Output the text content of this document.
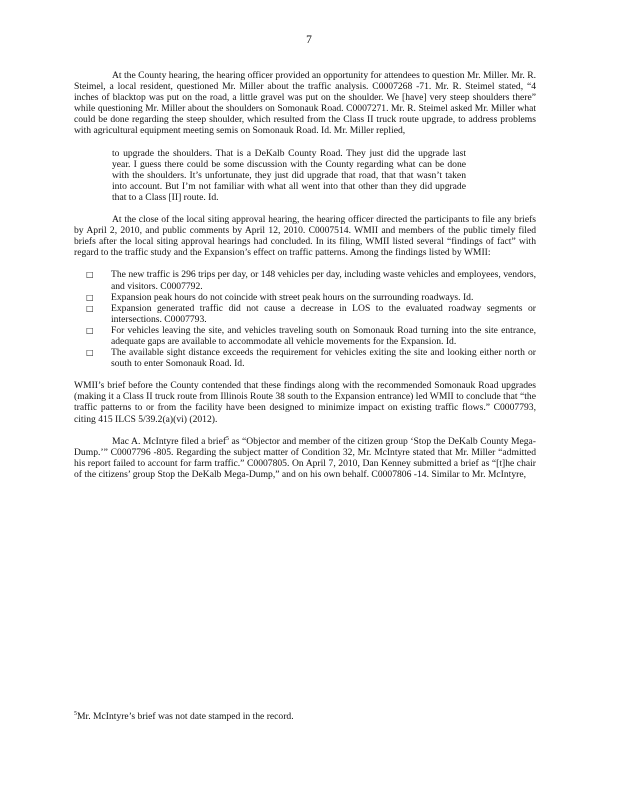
7

At the County hearing, the hearing officer provided an opportunity for attendees to question Mr. Miller. Mr. R. Steimel, a local resident, questioned Mr. Miller about the traffic analysis. C0007268 -71. Mr. R. Steimel stated, “4 inches of blacktop was put on the road, a little gravel was put on the shoulder. We [have] very steep shoulders there” while questioning Mr. Miller about the shoulders on Somonauk Road. C0007271. Mr. R. Steimel asked Mr. Miller what could be done regarding the steep shoulder, which resulted from the Class II truck route upgrade, to address problems with agricultural equipment meeting semis on Somonauk Road. Id. Mr. Miller replied,

to upgrade the shoulders. That is a DeKalb County Road. They just did the upgrade last year. I guess there could be some discussion with the County regarding what can be done with the shoulders. It’s unfortunate, they just did upgrade that road, that that wasn’t taken into account. But I’m not familiar with what all went into that other than they did upgrade that to a Class [II] route. Id.

At the close of the local siting approval hearing, the hearing officer directed the participants to file any briefs by April 2, 2010, and public comments by April 12, 2010. C0007514. WMII and members of the public timely filed briefs after the local siting approval hearings had concluded. In its filing, WMII listed several “findings of fact” with regard to the traffic study and the Expansion’s effect on traffic patterns. Among the findings listed by WMII:

□ The new traffic is 296 trips per day, or 148 vehicles per day, including waste vehicles and employees, vendors, and visitors. C0007792.
□ Expansion peak hours do not coincide with street peak hours on the surrounding roadways. Id.
□ Expansion generated traffic did not cause a decrease in LOS to the evaluated roadway segments or intersections. C0007793.
□ For vehicles leaving the site, and vehicles traveling south on Somonauk Road turning into the site entrance, adequate gaps are available to accommodate all vehicle movements for the Expansion. Id.
□ The available sight distance exceeds the requirement for vehicles exiting the site and looking either north or south to enter Somonauk Road. Id.

WMII’s brief before the County contended that these findings along with the recommended Somonauk Road upgrades (making it a Class II truck route from Illinois Route 38 south to the Expansion entrance) led WMII to conclude that “the traffic patterns to or from the facility have been designed to minimize impact on existing traffic flows.” C0007793, citing 415 ILCS 5/39.2(a)(vi) (2012).

Mac A. McIntyre filed a brief$^5$ as “Objector and member of the citizen group ‘Stop the DeKalb County Mega-Dump.’” C0007796 -805. Regarding the subject matter of Condition 32, Mr. McIntyre stated that Mr. Miller “admitted his report failed to account for farm traffic.” C0007805. On April 7, 2010, Dan Kenney submitted a brief as “[t]he chair of the citizens’ group Stop the DeKalb Mega-Dump,” and on his own behalf. C0007806 -14. Similar to Mr. McIntyre,

$^5$Mr. McIntyre’s brief was not date stamped in the record.
